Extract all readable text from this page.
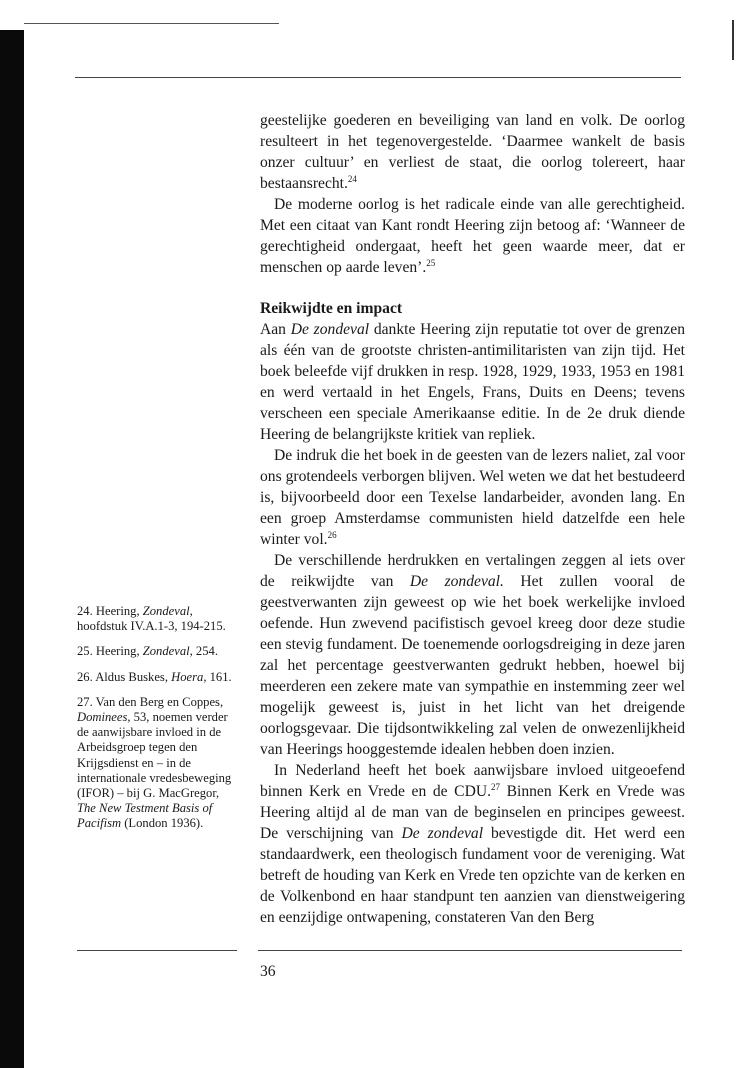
geestelijke goederen en beveiliging van land en volk. De oorlog resulteert in het tegenovergestelde. ‘Daarmee wankelt de basis onzer cultuur’ en verliest de staat, die oorlog tolereert, haar bestaansrecht.$^{24}$

De moderne oorlog is het radicale einde van alle gerechtigheid. Met een citaat van Kant rondt Heering zijn betoog af: ‘Wanneer de gerechtigheid ondergaat, heeft het geen waarde meer, dat er menschen op aarde leven’.$^{25}$

Reikwijdte en impact

Aan De zondeval dankte Heering zijn reputatie tot over de grenzen als één van de grootste christen-antimilitaristen van zijn tijd. Het boek beleefde vijf drukken in resp. 1928, 1929, 1933, 1953 en 1981 en werd vertaald in het Engels, Frans, Duits en Deens; tevens verscheen een speciale Amerikaanse editie. In de 2e druk diende Heering de belangrijkste kritiek van repliek.

De indruk die het boek in de geesten van de lezers naliet, zal voor ons grotendeels verborgen blijven. Wel weten we dat het bestudeerd is, bijvoorbeeld door een Texelse landarbeider, avonden lang. En een groep Amsterdamse communisten hield datzelfde een hele winter vol.$^{26}$

De verschillende herdrukken en vertalingen zeggen al iets over de reikwijdte van De zondeval. Het zullen vooral de geestverwanten zijn geweest op wie het boek werkelijke invloed oefende. Hun zwevend pacifistisch gevoel kreeg door deze studie een stevig fundament. De toenemende oorlogsdreiging in deze jaren zal het percentage geestverwanten gedrukt hebben, hoewel bij meerderen een zekere mate van sympathie en instemming zeer wel mogelijk geweest is, juist in het licht van het dreigende oorlogsgevaar. Die tijdsontwikkeling zal velen de onwezenlijkheid van Heerings hooggestemde idealen hebben doen inzien.

In Nederland heeft het boek aanwijsbare invloed uitgeoefend binnen Kerk en Vrede en de CDU.$^{27}$ Binnen Kerk en Vrede was Heering altijd al de man van de beginselen en principes geweest. De verschijning van De zondeval bevestigde dit. Het werd een standaardwerk, een theologisch fundament voor de vereniging. Wat betreft de houding van Kerk en Vrede ten opzichte van de kerken en de Volkenbond en haar standpunt ten aanzien van dienstweigering en eenzijdige ontwapening, constateren Van den Berg

24. Heering, Zondeval, hoofdstuk IV.A.1-3, 194-215.

25. Heering, Zondeval, 254.

26. Aldus Buskes, Hoera, 161.

27. Van den Berg en Coppes, Dominees, 53, noemen verder de aanwijsbare invloed in de Arbeidsgroep tegen den Krijgsdienst en – in de internationale vredesbeweging (IFOR) – bij G. MacGregor, The New Testment Basis of Pacifism (London 1936).

36
